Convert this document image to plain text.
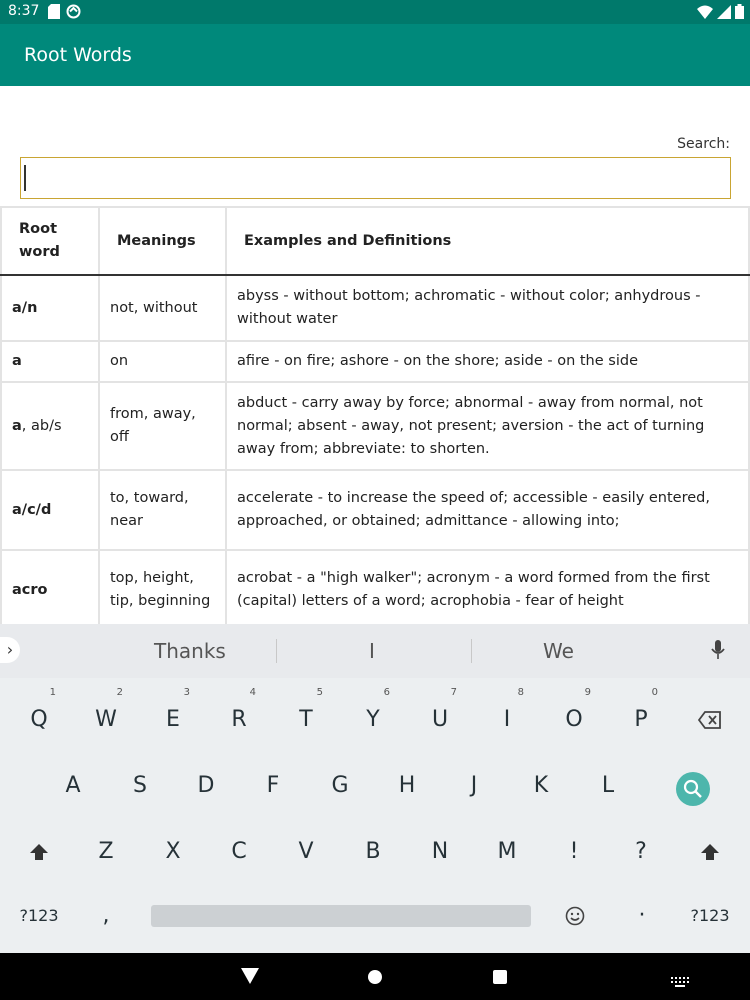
8:37
Root Words
Search:
Root word	Meanings	Examples and Definitions
a/n	not, without	abyss - without bottom; achromatic - without color; anhydrous - without water
a	on	afire - on fire; ashore - on the shore; aside - on the side
a, ab/s	from, away, off	abduct - carry away by force; abnormal - away from normal, not normal; absent - away, not present; aversion - the act of turning away from; abbreviate: to shorten.
a/c/d	to, toward, near	accelerate - to increase the speed of; accessible - easily entered, approached, or obtained; admittance - allowing into;
acro	top, height, tip, beginning	acrobat - a "high walker"; acronym - a word formed from the first (capital) letters of a word; acrophobia - fear of height
›	Thanks	I	We
Q
1
W
2
E
3
R
4
T
5
Y
6
U
7
I
8
O
9
P
0
A	S	D	F	G	H	J	K	L
Z	X	C	V	B	N	M	!	?
?123	,	·	?123
